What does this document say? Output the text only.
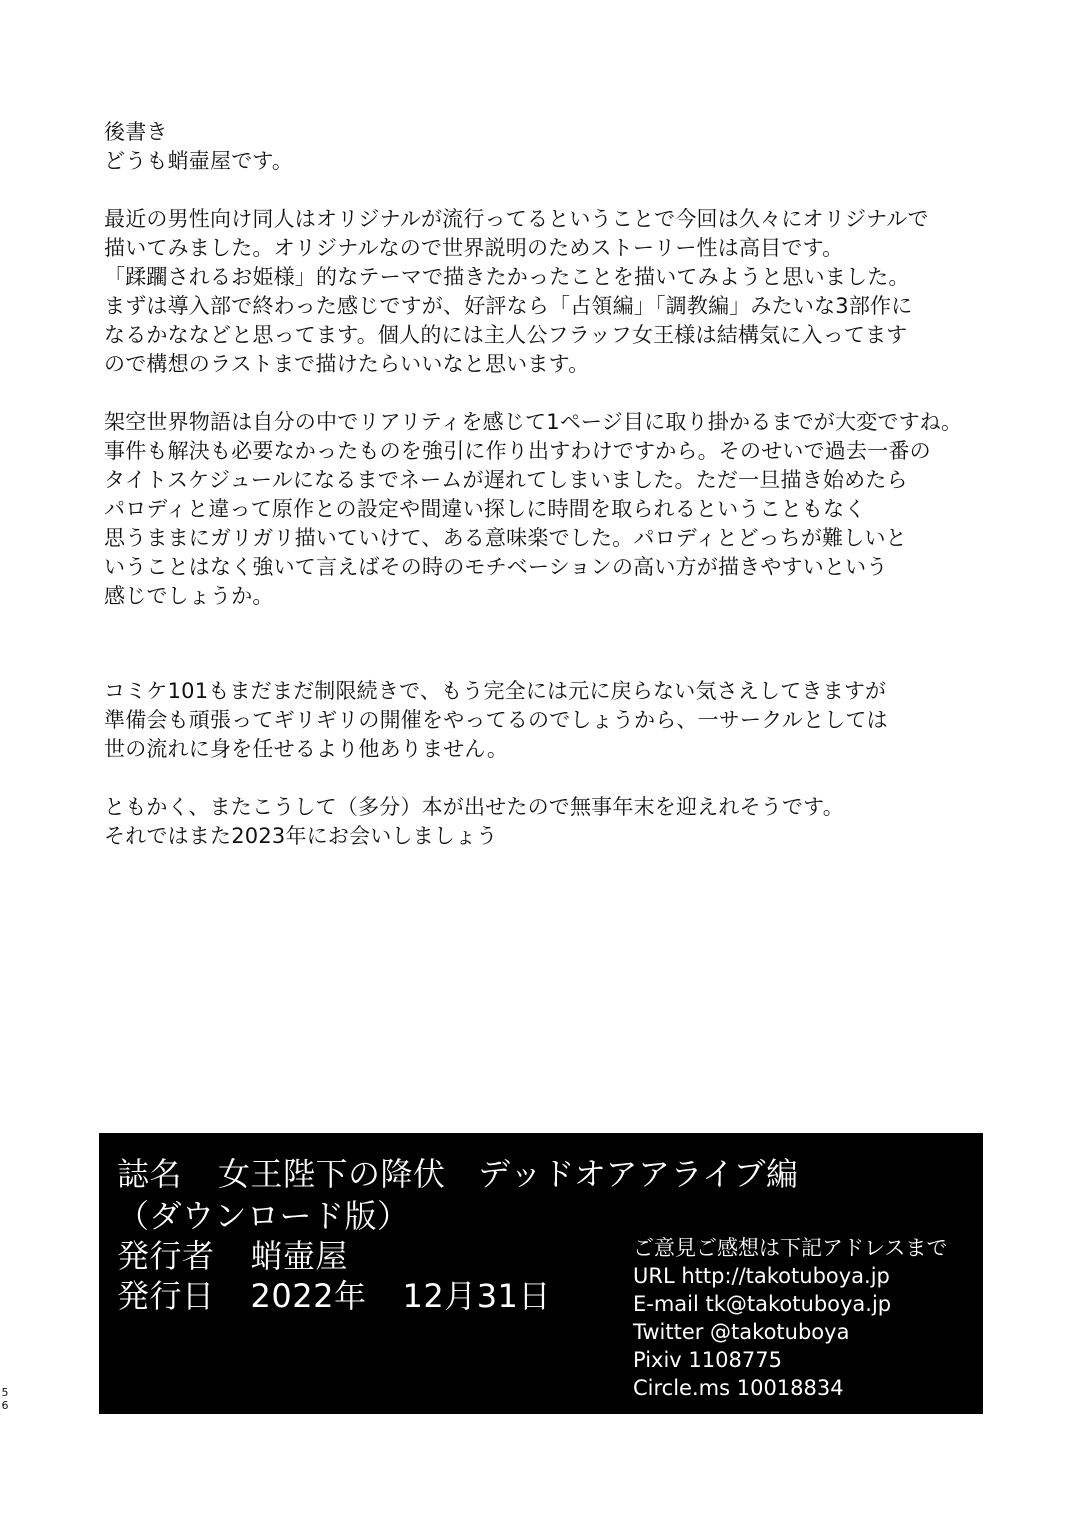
後書き
どうも蛸壷屋です。
最近の男性向け同人はオリジナルが流行ってるということで今回は久々にオリジナルで
描いてみました。オリジナルなので世界説明のためストーリー性は高目です。
「蹂躙されるお姫様」的なテーマで描きたかったことを描いてみようと思いました。
まずは導入部で終わった感じですが、好評なら「占領編」「調教編」みたいな3部作に
なるかななどと思ってます。個人的には主人公フラッフ女王様は結構気に入ってます
ので構想のラストまで描けたらいいなと思います。
架空世界物語は自分の中でリアリティを感じて1ページ目に取り掛かるまでが大変ですね。
事件も解決も必要なかったものを強引に作り出すわけですから。そのせいで過去一番の
タイトスケジュールになるまでネームが遅れてしまいました。ただ一旦描き始めたら
パロディと違って原作との設定や間違い探しに時間を取られるということもなく
思うままにガリガリ描いていけて、ある意味楽でした。パロディとどっちが難しいと
いうことはなく強いて言えばその時のモチベーションの高い方が描きやすいという
感じでしょうか。
コミケ101もまだまだ制限続きで、もう完全には元に戻らない気さえしてきますが
準備会も頑張ってギリギリの開催をやってるのでしょうから、一サークルとしては
世の流れに身を任せるより他ありません。
ともかく、またこうして（多分）本が出せたので無事年末を迎えれそうです。
それではまた2023年にお会いしましょう
誌名 女王陛下の降伏　デッドオアアライブ編
（ダウンロード版）
発行者 蛸壷屋
発行日 2022年 12月31日
ご意見ご感想は下記アドレスまで
URL http://takotuboya.jp
E-mail tk@takotuboya.jp
Twitter @takotuboya
Pixiv 1108775
Circle.ms 10018834
5
6
